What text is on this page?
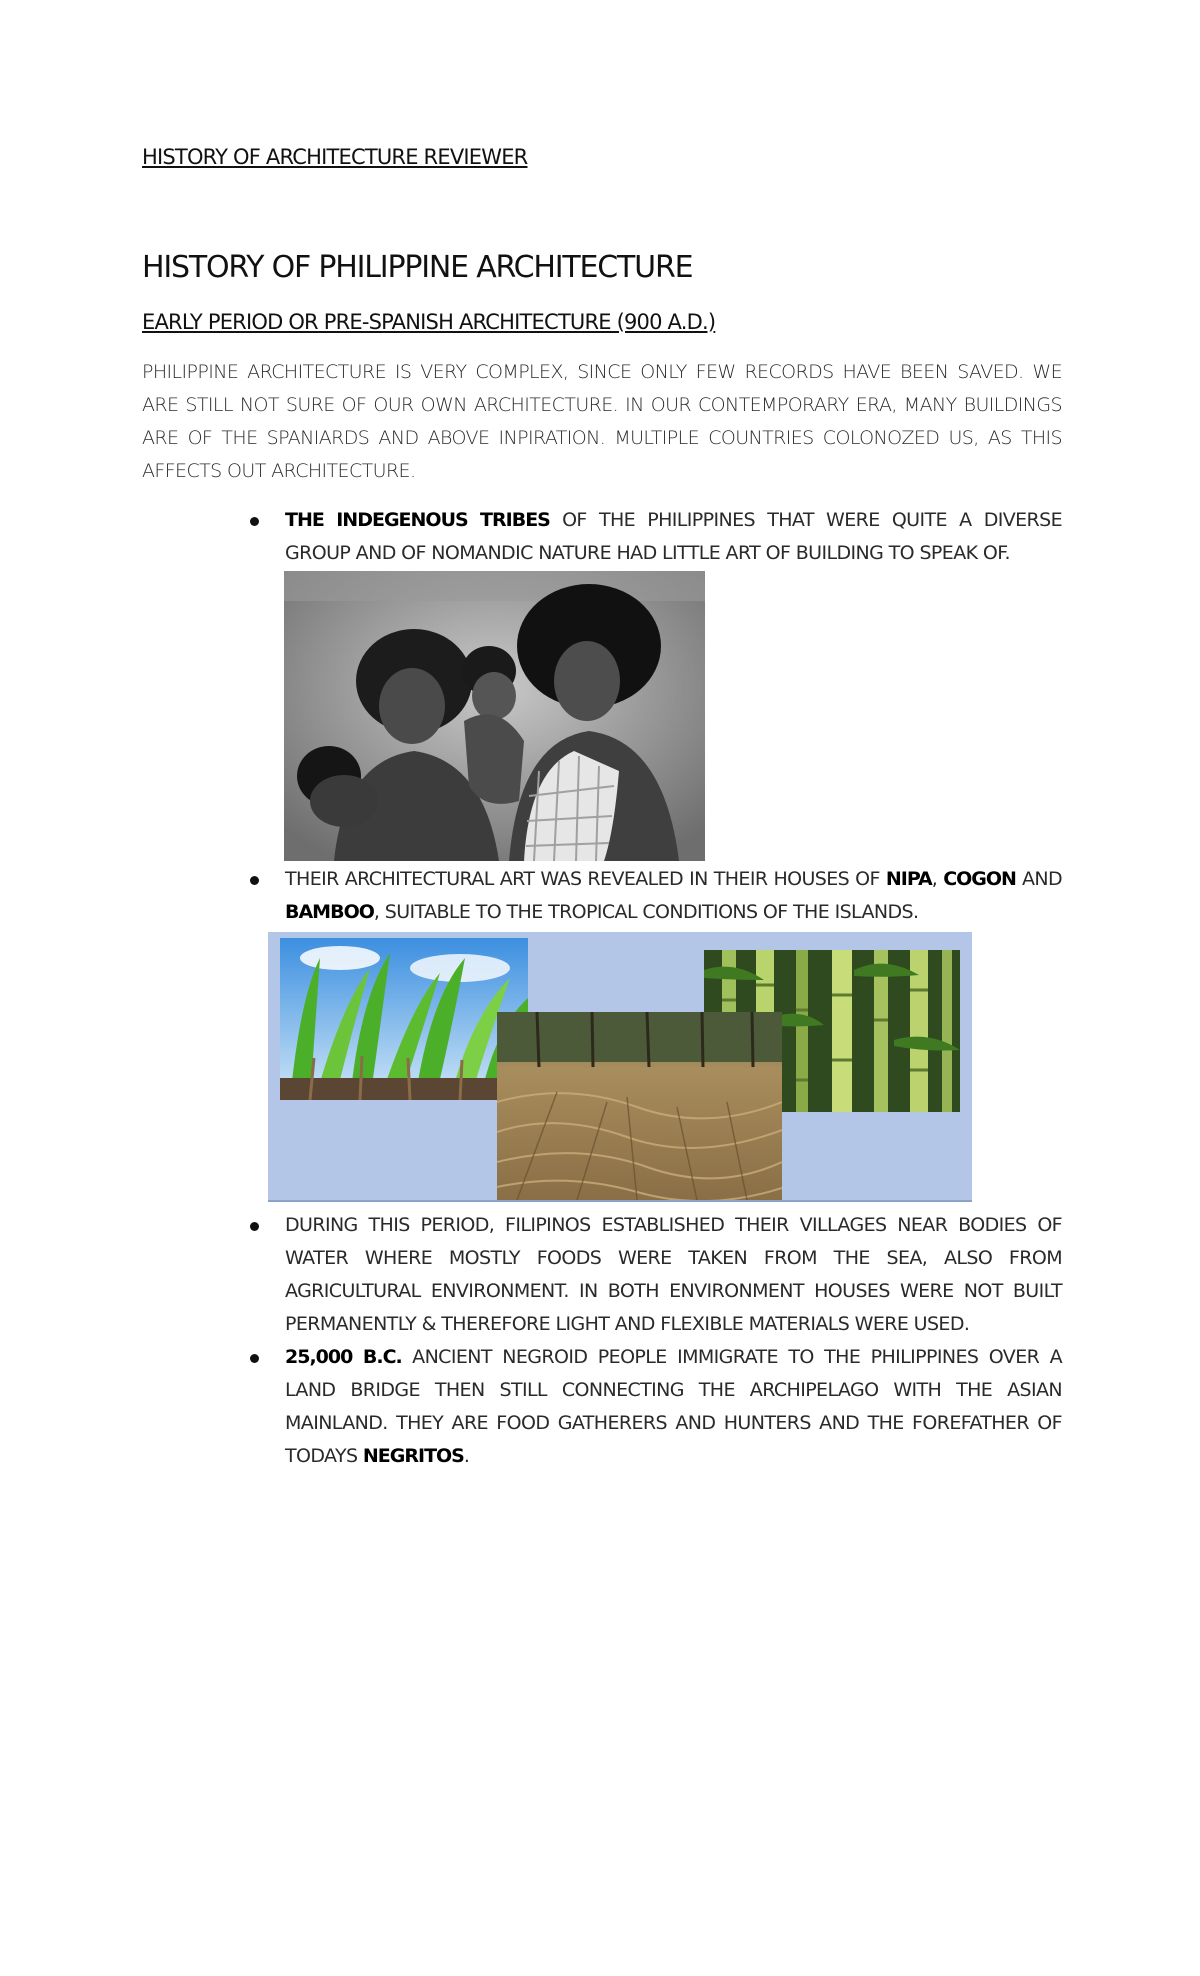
HISTORY OF ARCHITECTURE REVIEWER
HISTORY OF PHILIPPINE ARCHITECTURE
EARLY PERIOD OR PRE-SPANISH ARCHITECTURE (900 A.D.)
PHILIPPINE ARCHITECTURE IS VERY COMPLEX, SINCE ONLY FEW RECORDS HAVE BEEN SAVED. WE ARE STILL NOT SURE OF OUR OWN ARCHITECTURE. IN OUR CONTEMPORARY ERA, MANY BUILDINGS ARE OF THE SPANIARDS AND ABOVE INPIRATION. MULTIPLE COUNTRIES COLONOZED US, AS THIS AFFECTS OUT ARCHITECTURE.
THE INDEGENOUS TRIBES OF THE PHILIPPINES THAT WERE QUITE A DIVERSE GROUP AND OF NOMANDIC NATURE HAD LITTLE ART OF BUILDING TO SPEAK OF.
THEIR ARCHITECTURAL ART WAS REVEALED IN THEIR HOUSES OF NIPA, COGON AND BAMBOO, SUITABLE TO THE TROPICAL CONDITIONS OF THE ISLANDS.
DURING THIS PERIOD, FILIPINOS ESTABLISHED THEIR VILLAGES NEAR BODIES OF WATER WHERE MOSTLY FOODS WERE TAKEN FROM THE SEA, ALSO FROM AGRICULTURAL ENVIRONMENT. IN BOTH ENVIRONMENT HOUSES WERE NOT BUILT PERMANENTLY & THEREFORE LIGHT AND FLEXIBLE MATERIALS WERE USED.
25,000 B.C. ANCIENT NEGROID PEOPLE IMMIGRATE TO THE PHILIPPINES OVER A LAND BRIDGE THEN STILL CONNECTING THE ARCHIPELAGO WITH THE ASIAN MAINLAND. THEY ARE FOOD GATHERERS AND HUNTERS AND THE FOREFATHER OF TODAYS NEGRITOS.
